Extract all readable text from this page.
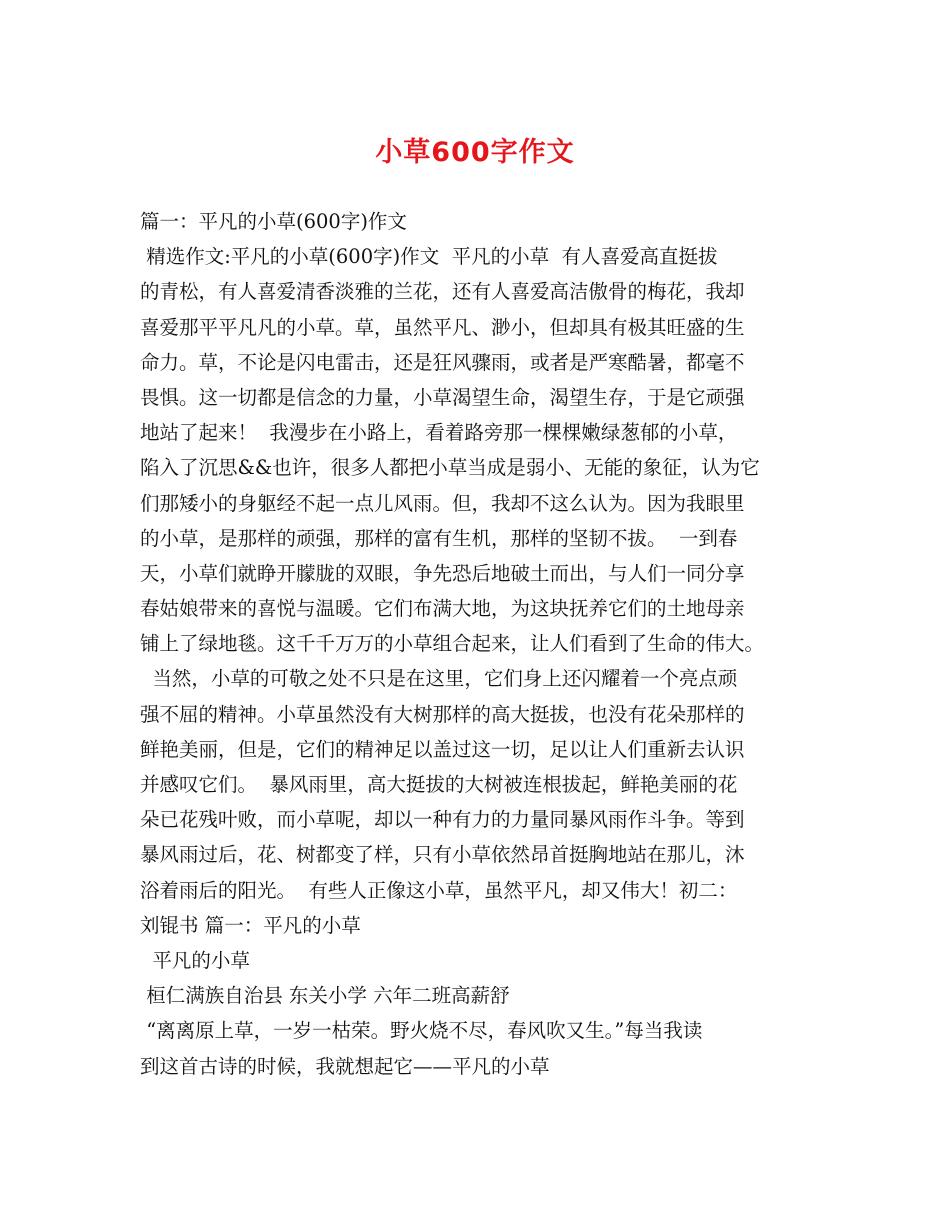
小草600字作文
篇一：平凡的小草(600字)作文
精选作文:平凡的小草(600字)作文  平凡的小草  有人喜爱高直挺拔
的青松，有人喜爱清香淡雅的兰花，还有人喜爱高洁傲骨的梅花，我却
喜爱那平平凡凡的小草。草，虽然平凡、渺小，但却具有极其旺盛的生
命力。草，不论是闪电雷击，还是狂风骤雨，或者是严寒酷暑，都毫不
畏惧。这一切都是信念的力量，小草渴望生命，渴望生存，于是它顽强
地站了起来！  我漫步在小路上，看着路旁那一棵棵嫩绿葱郁的小草，
陷入了沉思&&也许，很多人都把小草当成是弱小、无能的象征，认为它
们那矮小的身躯经不起一点儿风雨。但，我却不这么认为。因为我眼里
的小草，是那样的顽强，那样的富有生机，那样的坚韧不拔。  一到春
天，小草们就睁开朦胧的双眼，争先恐后地破土而出，与人们一同分享
春姑娘带来的喜悦与温暖。它们布满大地，为这块抚养它们的土地母亲
铺上了绿地毯。这千千万万的小草组合起来，让人们看到了生命的伟大。
当然，小草的可敬之处不只是在这里，它们身上还闪耀着一个亮点顽
强不屈的精神。小草虽然没有大树那样的高大挺拔，也没有花朵那样的
鲜艳美丽，但是，它们的精神足以盖过这一切，足以让人们重新去认识
并感叹它们。  暴风雨里，高大挺拔的大树被连根拔起，鲜艳美丽的花
朵已花残叶败，而小草呢，却以一种有力的力量同暴风雨作斗争。等到
暴风雨过后，花、树都变了样，只有小草依然昂首挺胸地站在那儿，沐
浴着雨后的阳光。  有些人正像这小草，虽然平凡，却又伟大！初二：
刘锟书 篇一：平凡的小草
平凡的小草
桓仁满族自治县 东关小学 六年二班高薪舒
“离离原上草，一岁一枯荣。野火烧不尽，春风吹又生。”每当我读
到这首古诗的时候，我就想起它——平凡的小草
